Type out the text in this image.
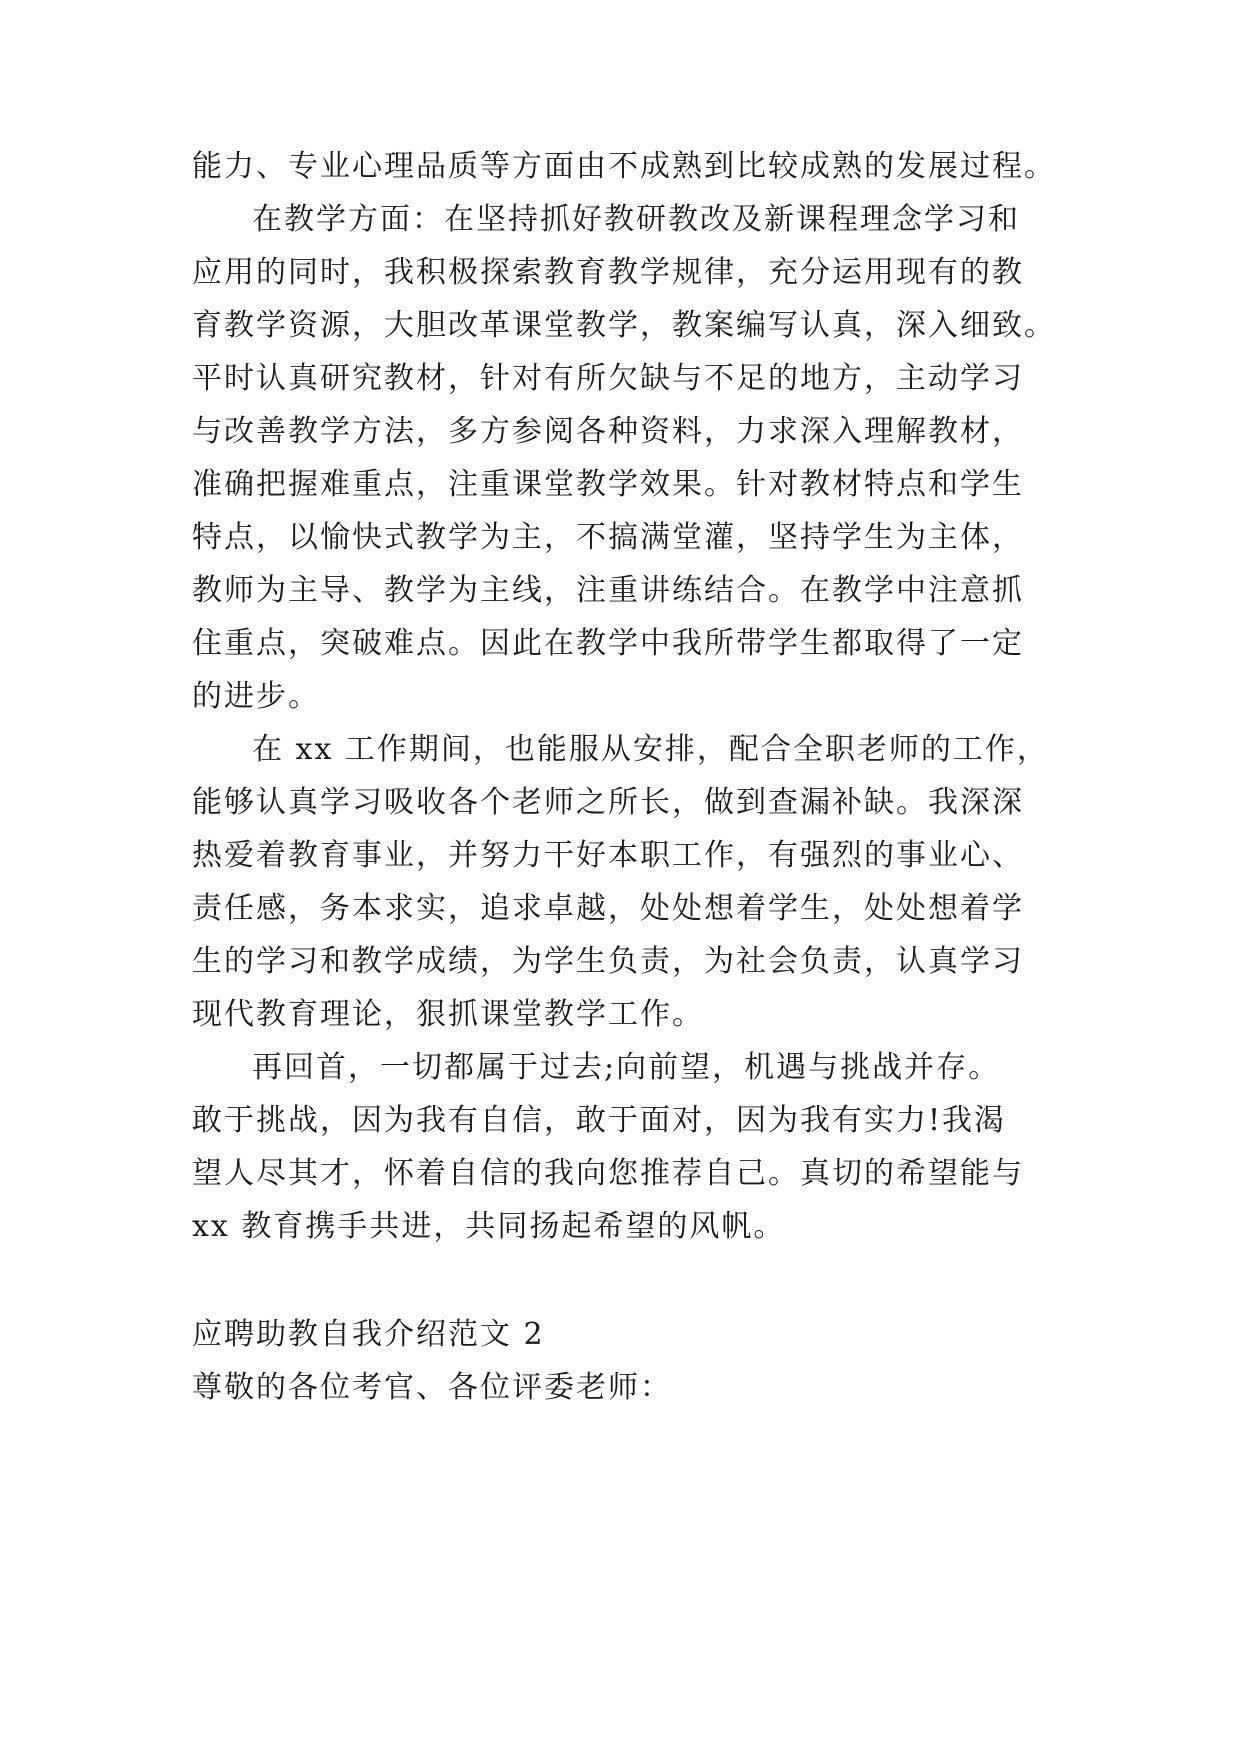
能力、专业心理品质等方面由不成熟到比较成熟的发展过程。
在教学方面：在坚持抓好教研教改及新课程理念学习和
应用的同时，我积极探索教育教学规律，充分运用现有的教
育教学资源，大胆改革课堂教学，教案编写认真，深入细致。
平时认真研究教材，针对有所欠缺与不足的地方，主动学习
与改善教学方法，多方参阅各种资料，力求深入理解教材，
准确把握难重点，注重课堂教学效果。针对教材特点和学生
特点，以愉快式教学为主，不搞满堂灌，坚持学生为主体，
教师为主导、教学为主线，注重讲练结合。在教学中注意抓
住重点，突破难点。因此在教学中我所带学生都取得了一定
的进步。
在 xx 工作期间，也能服从安排，配合全职老师的工作，
能够认真学习吸收各个老师之所长，做到查漏补缺。我深深
热爱着教育事业，并努力干好本职工作，有强烈的事业心、
责任感，务本求实，追求卓越，处处想着学生，处处想着学
生的学习和教学成绩，为学生负责，为社会负责，认真学习
现代教育理论，狠抓课堂教学工作。
再回首，一切都属于过去;向前望，机遇与挑战并存。
敢于挑战，因为我有自信，敢于面对，因为我有实力!我渴
望人尽其才，怀着自信的我向您推荐自己。真切的希望能与
xx 教育携手共进，共同扬起希望的风帆。
应聘助教自我介绍范文 2
尊敬的各位考官、各位评委老师：
